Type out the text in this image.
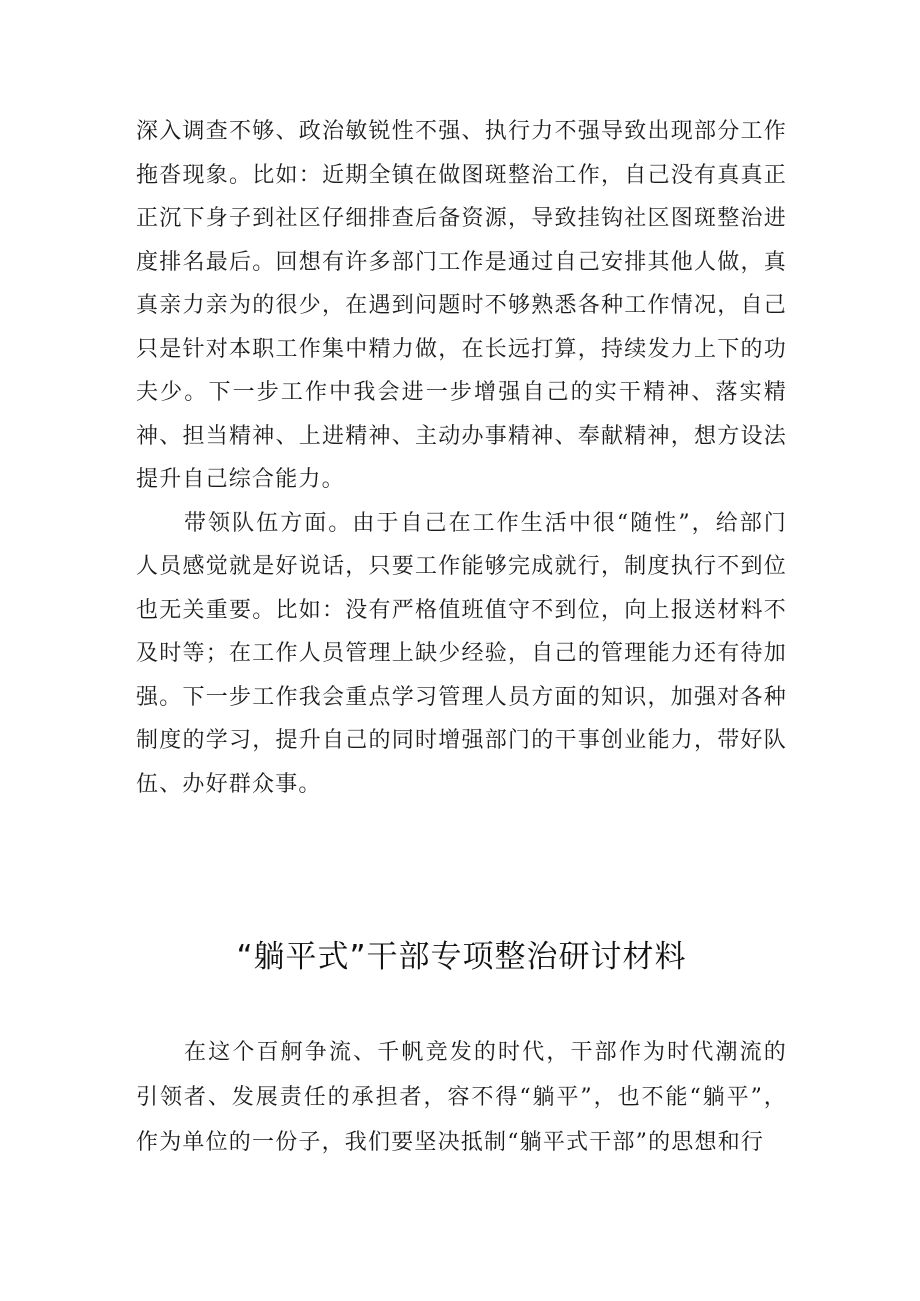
深入调查不够、政治敏锐性不强、执行力不强导致出现部分工作拖沓现象。比如：近期全镇在做图斑整治工作，自己没有真真正正沉下身子到社区仔细排查后备资源，导致挂钩社区图斑整治进度排名最后。回想有许多部门工作是通过自己安排其他人做，真真亲力亲为的很少，在遇到问题时不够熟悉各种工作情况，自己只是针对本职工作集中精力做，在长远打算，持续发力上下的功夫少。下一步工作中我会进一步增强自己的实干精神、落实精神、担当精神、上进精神、主动办事精神、奉献精神，想方设法提升自己综合能力。

带领队伍方面。由于自己在工作生活中很“随性”，给部门人员感觉就是好说话，只要工作能够完成就行，制度执行不到位也无关重要。比如：没有严格值班值守不到位，向上报送材料不及时等；在工作人员管理上缺少经验，自己的管理能力还有待加强。下一步工作我会重点学习管理人员方面的知识，加强对各种制度的学习，提升自己的同时增强部门的干事创业能力，带好队伍、办好群众事。

“躺平式”干部专项整治研讨材料

在这个百舸争流、千帆竞发的时代，干部作为时代潮流的引领者、发展责任的承担者，容不得“躺平”，也不能“躺平”，作为单位的一份子，我们要坚决抵制“躺平式干部”的思想和行
